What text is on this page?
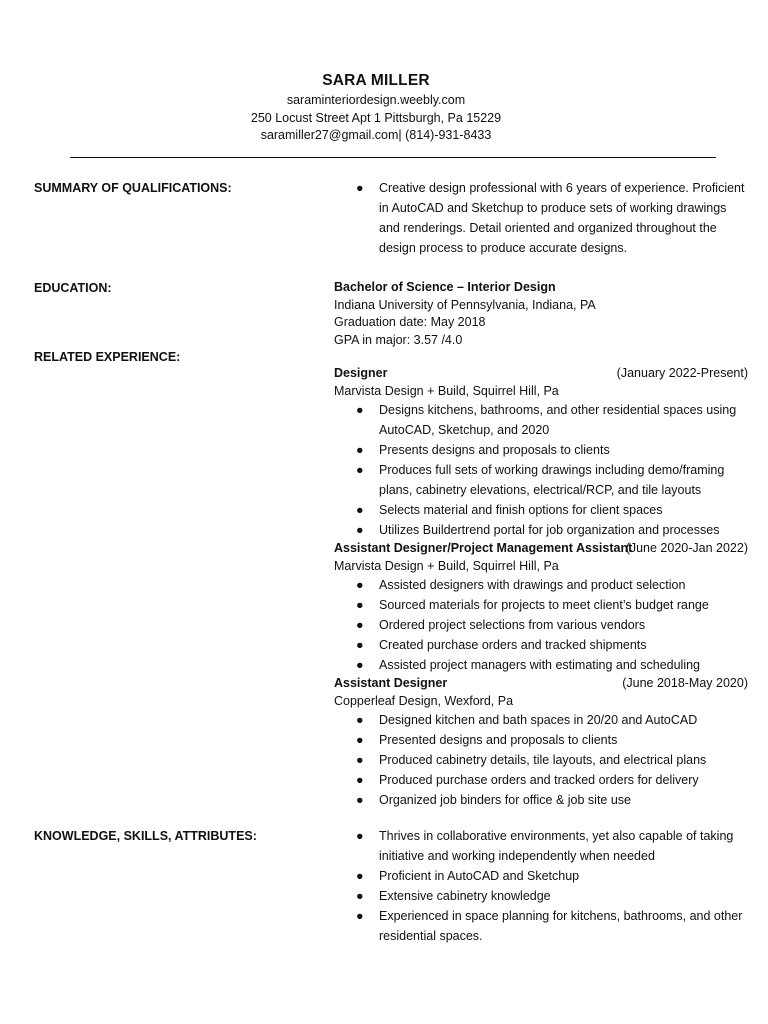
SARA MILLER
saraminteriordesign.weebly.com
250 Locust Street Apt 1 Pittsburgh, Pa 15229
saramiller27@gmail.com| (814)-931-8433
SUMMARY OF QUALIFICATIONS:	● Creative design professional with 6 years of experience. Proficient
in AutoCAD and Sketchup to produce sets of working drawings
and renderings. Detail oriented and organized throughout the
design process to produce accurate designs.
EDUCATION:	Bachelor of Science – Interior Design
Indiana University of Pennsylvania, Indiana, PA
Graduation date: May 2018
GPA in major: 3.57 /4.0
RELATED EXPERIENCE:
Designer	(January 2022-Present)
Marvista Design + Build, Squirrel Hill, Pa
● Designs kitchens, bathrooms, and other residential spaces using
AutoCAD, Sketchup, and 2020
● Presents designs and proposals to clients
● Produces full sets of working drawings including demo/framing
plans, cabinetry elevations, electrical/RCP, and tile layouts
● Selects material and finish options for client spaces
● Utilizes Buildertrend portal for job organization and processes
Assistant Designer/Project Management Assistant
(June 2020-Jan 2022)
Marvista Design + Build, Squirrel Hill, Pa
● Assisted designers with drawings and product selection
● Sourced materials for projects to meet client’s budget range
● Ordered project selections from various vendors
● Created purchase orders and tracked shipments
● Assisted project managers with estimating and scheduling
Assistant Designer	(June 2018-May 2020)
Copperleaf Design, Wexford, Pa
● Designed kitchen and bath spaces in 20/20 and AutoCAD
● Presented designs and proposals to clients
● Produced cabinetry details, tile layouts, and electrical plans
● Produced purchase orders and tracked orders for delivery
● Organized job binders for office & job site use
KNOWLEDGE, SKILLS, ATTRIBUTES:	● Thrives in collaborative environments, yet also capable of taking
initiative and working independently when needed
● Proficient in AutoCAD and Sketchup
● Extensive cabinetry knowledge
● Experienced in space planning for kitchens, bathrooms, and other
residential spaces.
